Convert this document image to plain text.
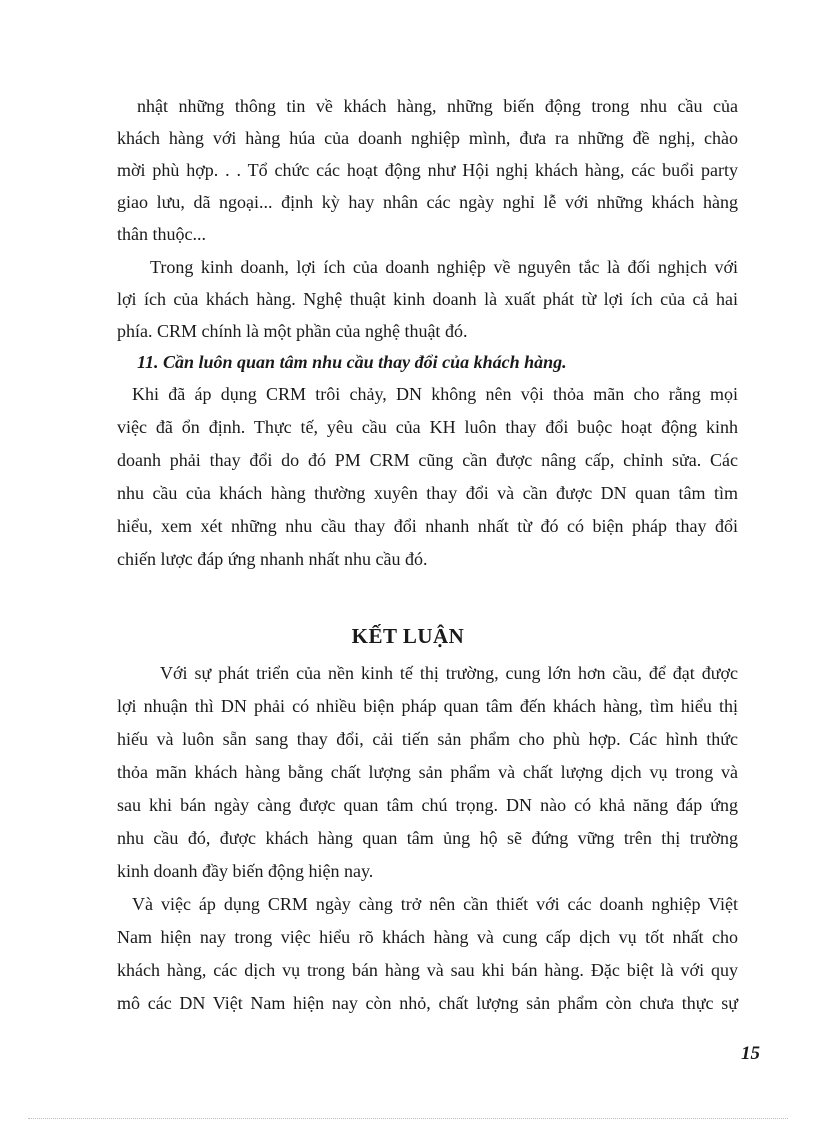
nhật những thông tin về khách hàng, những biến động trong nhu cầu của
khách hàng với hàng húa của doanh nghiệp mình, đưa ra những đề nghị, chào
mời phù hợp. . . Tổ chức các hoạt động như Hội nghị khách hàng, các buổi party
giao lưu, dã ngoại... định kỳ hay nhân các ngày nghỉ lễ với những khách hàng
thân thuộc...
Trong kinh doanh, lợi ích của doanh nghiệp về nguyên tắc là đối nghịch với
lợi ích của khách hàng. Nghệ thuật kinh doanh là xuất phát từ lợi ích của cả hai
phía. CRM chính là một phần của nghệ thuật đó.
11. Cần luôn quan tâm nhu cầu thay đổi của khách hàng.
Khi đã áp dụng CRM trôi chảy, DN không nên vội thỏa mãn cho rằng mọi
việc đã ổn định. Thực tế, yêu cầu của KH luôn thay đổi buộc hoạt động kinh
doanh phải thay đổi do đó PM CRM cũng cần được nâng cấp, chỉnh sửa. Các
nhu cầu của khách hàng thường xuyên thay đổi và cần được DN quan tâm tìm
hiểu, xem xét những nhu cầu thay đổi nhanh nhất từ đó có biện pháp thay đổi
chiến lược đáp ứng nhanh nhất nhu cầu đó.
KẾT LUẬN
Với sự phát triển của nền kinh tế thị trường, cung lớn hơn cầu, để đạt được
lợi nhuận thì DN phải có nhiều biện pháp quan tâm đến khách hàng, tìm hiểu thị
hiếu và luôn sẵn sang thay đổi, cải tiến sản phẩm cho phù hợp. Các hình thức
thỏa mãn khách hàng bằng chất lượng sản phẩm và chất lượng dịch vụ trong và
sau khi bán ngày càng được quan tâm chú trọng. DN nào có khả năng đáp ứng
nhu cầu đó, được khách hàng quan tâm ủng hộ sẽ đứng vững trên thị trường
kinh doanh đầy biến động hiện nay.
Và việc áp dụng CRM ngày càng trở nên cần thiết với các doanh nghiệp Việt
Nam hiện nay trong việc hiểu rõ khách hàng và cung cấp dịch vụ tốt nhất cho
khách hàng, các dịch vụ trong bán hàng và sau khi bán hàng. Đặc biệt là với quy
mô các DN Việt Nam hiện nay còn nhỏ, chất lượng sản phẩm còn chưa thực sự
15
